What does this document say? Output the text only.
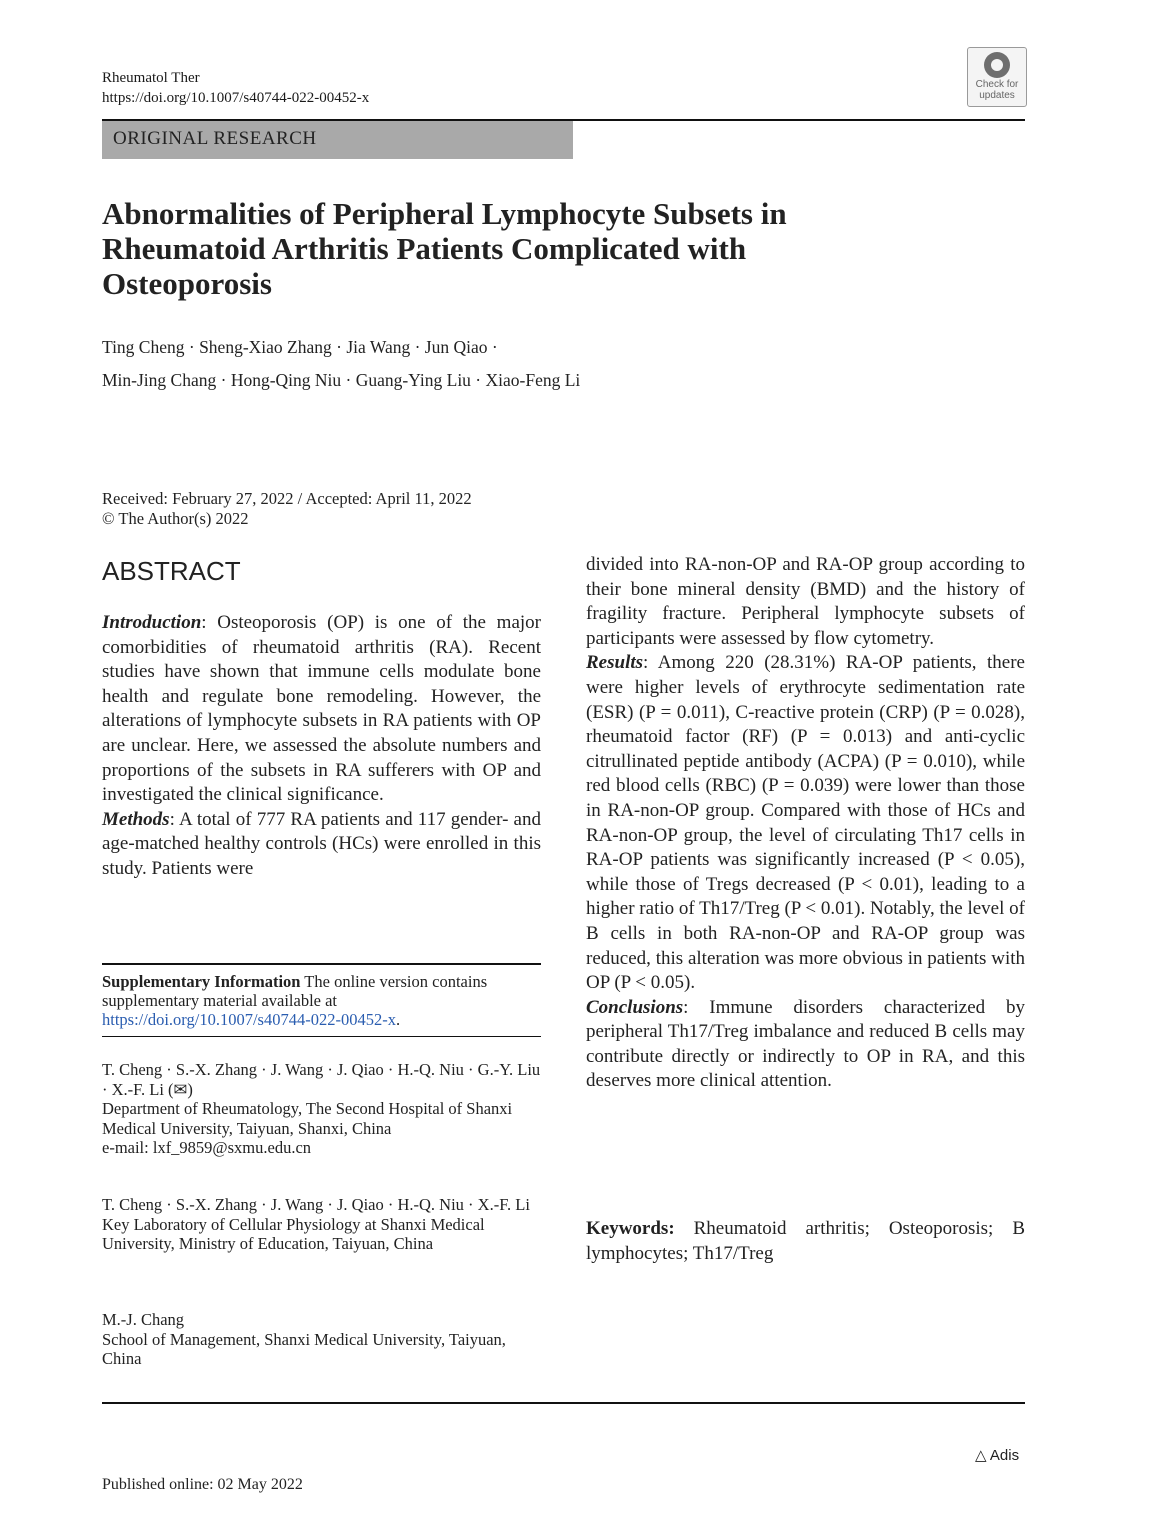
Rheumatol Ther
https://doi.org/10.1007/s40744-022-00452-x
Check for
updates
ORIGINAL RESEARCH
Abnormalities of Peripheral Lymphocyte Subsets in Rheumatoid Arthritis Patients Complicated with Osteoporosis
Ting Cheng · Sheng-Xiao Zhang · Jia Wang · Jun Qiao ·
Min-Jing Chang · Hong-Qing Niu · Guang-Ying Liu · Xiao-Feng Li
Received: February 27, 2022 / Accepted: April 11, 2022
© The Author(s) 2022
ABSTRACT
Introduction: Osteoporosis (OP) is one of the major comorbidities of rheumatoid arthritis (RA). Recent studies have shown that immune cells modulate bone health and regulate bone remodeling. However, the alterations of lymphocyte subsets in RA patients with OP are unclear. Here, we assessed the absolute numbers and proportions of the subsets in RA sufferers with OP and investigated the clinical significance.
Methods: A total of 777 RA patients and 117 gender- and age-matched healthy controls (HCs) were enrolled in this study. Patients were
Supplementary Information The online version contains supplementary material available at https://doi.org/10.1007/s40744-022-00452-x.
T. Cheng · S.-X. Zhang · J. Wang · J. Qiao · H.-Q. Niu · G.-Y. Liu · X.-F. Li (✉)
Department of Rheumatology, The Second Hospital of Shanxi Medical University, Taiyuan, Shanxi, China
e-mail: lxf_9859@sxmu.edu.cn
T. Cheng · S.-X. Zhang · J. Wang · J. Qiao · H.-Q. Niu · X.-F. Li
Key Laboratory of Cellular Physiology at Shanxi Medical University, Ministry of Education, Taiyuan, China
M.-J. Chang
School of Management, Shanxi Medical University, Taiyuan, China
divided into RA-non-OP and RA-OP group according to their bone mineral density (BMD) and the history of fragility fracture. Peripheral lymphocyte subsets of participants were assessed by flow cytometry.
Results: Among 220 (28.31%) RA-OP patients, there were higher levels of erythrocyte sedimentation rate (ESR) (P = 0.011), C-reactive protein (CRP) (P = 0.028), rheumatoid factor (RF) (P = 0.013) and anti-cyclic citrullinated peptide antibody (ACPA) (P = 0.010), while red blood cells (RBC) (P = 0.039) were lower than those in RA-non-OP group. Compared with those of HCs and RA-non-OP group, the level of circulating Th17 cells in RA-OP patients was significantly increased (P < 0.05), while those of Tregs decreased (P < 0.01), leading to a higher ratio of Th17/Treg (P < 0.01). Notably, the level of B cells in both RA-non-OP and RA-OP group was reduced, this alteration was more obvious in patients with OP (P < 0.05).
Conclusions: Immune disorders characterized by peripheral Th17/Treg imbalance and reduced B cells may contribute directly or indirectly to OP in RA, and this deserves more clinical attention.
Keywords: Rheumatoid arthritis; Osteoporosis; B lymphocytes; Th17/Treg
△ Adis
Published online: 02 May 2022
